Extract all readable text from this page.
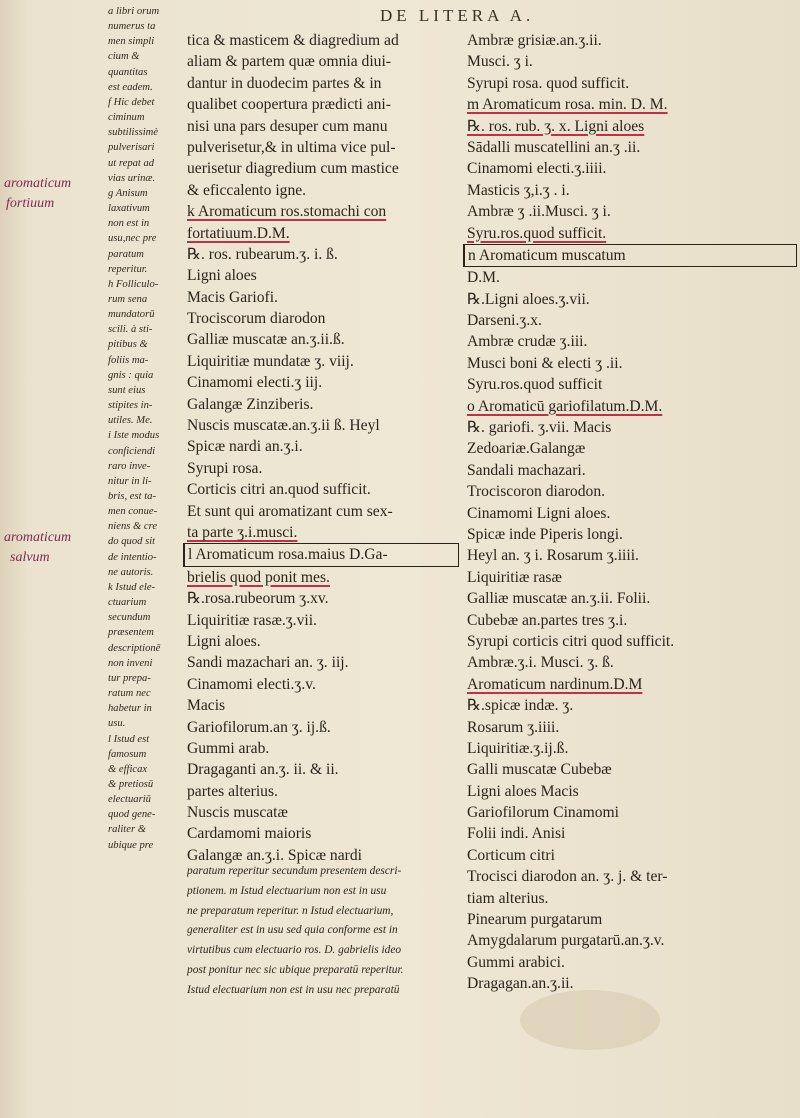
DE LITERA A.
a libri orum
numerus ta
men simpli
cium &
quantitas
est eadem.
f Hic debet
ciminum
subtilissimè
pulverisari
ut repat ad
vias urinæ.
g Anisum
laxativum
non est in
usu,nec pre
paratum
reperitur.
h Folliculo-
rum sena
mundatorū
scili. à sti-
pitibus &
foliis ma-
gnis : quia
sunt eius
stipites in-
utiles. Me.
i Iste modus
conficiendi
raro inve-
nitur in li-
bris, est ta-
men conue-
niens & cre
do quod sit
de intentio-
ne autoris.
k Istud ele-
ctuarium
secundum
præsentem
descriptionē
non inveni
tur prepa-
ratum nec
habetur in
usu.
l Istud est
famosum
& efficax
& pretiosū
electuariū
quod gene-
raliter &
ubique pre
aromaticum
fortiuum
aromaticum
salvum
tica & masticem & diagredium ad
aliam & partem quæ omnia diui-
dantur in duodecim partes & in
qualibet coopertura prædicti ani-
nisi una pars desuper cum manu
pulverisetur,& in ultima vice pul-
uerisetur diagredium cum mastice
& eficcalento igne.
k Aromaticum ros.stomachi con
fortatiuum.D.M.
℞. ros. rubearum.ʒ. i. ß.
Ligni aloes
Macis Gariofi.
Trociscorum diarodon
Galliæ muscatæ an.ʒ.ii.ß.
Liquiritiæ mundatæ ʒ. viij.
Cinamomi electi.ʒ iij.
Galangæ Zinziberis.
Nuscis muscatæ.an.ʒ.ii ß. Heyl
Spicæ nardi an.ʒ.i.
Syrupi rosa.
Corticis citri an.quod sufficit.
Et sunt qui aromatizant cum sex-
ta parte ʒ.i.musci.
l Aromaticum rosa.maius D.Ga-
brielis quod ponit mes.
℞.rosa.rubeorum ʒ.xv.
Liquiritiæ rasæ.ʒ.vii.
Ligni aloes.
Sandi mazachari an. ʒ. iij.
Cinamomi electi.ʒ.v.
Macis
Gariofilorum.an ʒ. ij.ß.
Gummi arab.
Dragaganti an.ʒ. ii. & ii.
partes alterius.
Nuscis muscatæ
Cardamomi maioris
Galangæ an.ʒ.i. Spicæ nardi
paratum reperitur secundum presentem descri-
ptionem. m Istud electuarium non est in usu
ne preparatum reperitur. n Istud electuarium,
generaliter est in usu sed quia conforme est in
virtutibus cum electuario ros. D. gabrielis ideo
post ponitur nec sic ubique preparatū reperitur.
Istud electuarium non est in usu nec preparatū
Ambræ grisiæ.an.ʒ.ii.
Musci. ʒ i.
Syrupi rosa. quod sufficit.
m Aromaticum rosa. min. D. M.
℞. ros. rub. ʒ. x. Ligni aloes
Sādalli muscatellini an.ʒ .ii.
Cinamomi electi.ʒ.iiii.
Masticis ʒ,i.ʒ . i.
Ambræ ʒ .ii.Musci. ʒ i.
Syru.ros.quod sufficit.
n Aromaticum muscatum
D.M.
℞.Ligni aloes.ʒ.vii.
Darseni.ʒ.x.
Ambræ crudæ ʒ.iii.
Musci boni & electi ʒ .ii.
Syru.ros.quod sufficit
o Aromaticū gariofilatum.D.M.
℞. gariofi. ʒ.vii. Macis
Zedoariæ.Galangæ
Sandali machazari.
Trociscoron diarodon.
Cinamomi Ligni aloes.
Spicæ inde Piperis longi.
Heyl an. ʒ i. Rosarum ʒ.iiii.
Liquiritiæ rasæ
Galliæ muscatæ an.ʒ.ii. Folii.
Cubebæ an.partes tres ʒ.i.
Syrupi corticis citri quod sufficit.
Ambræ.ʒ.i. Musci. ʒ. ß.
Aromaticum nardinum.D.M
℞.spicæ indæ. ʒ.
Rosarum ʒ.iiii.
Liquiritiæ.ʒ.ij.ß.
Galli muscatæ Cubebæ
Ligni aloes Macis
Gariofilorum Cinamomi
Folii indi. Anisi
Corticum citri
Trocisci diarodon an. ʒ. j. & ter-
tiam alterius.
Pinearum purgatarum
Amygdalarum purgatarū.an.ʒ.v.
Gummi arabici.
Dragagan.an.ʒ.ii.
